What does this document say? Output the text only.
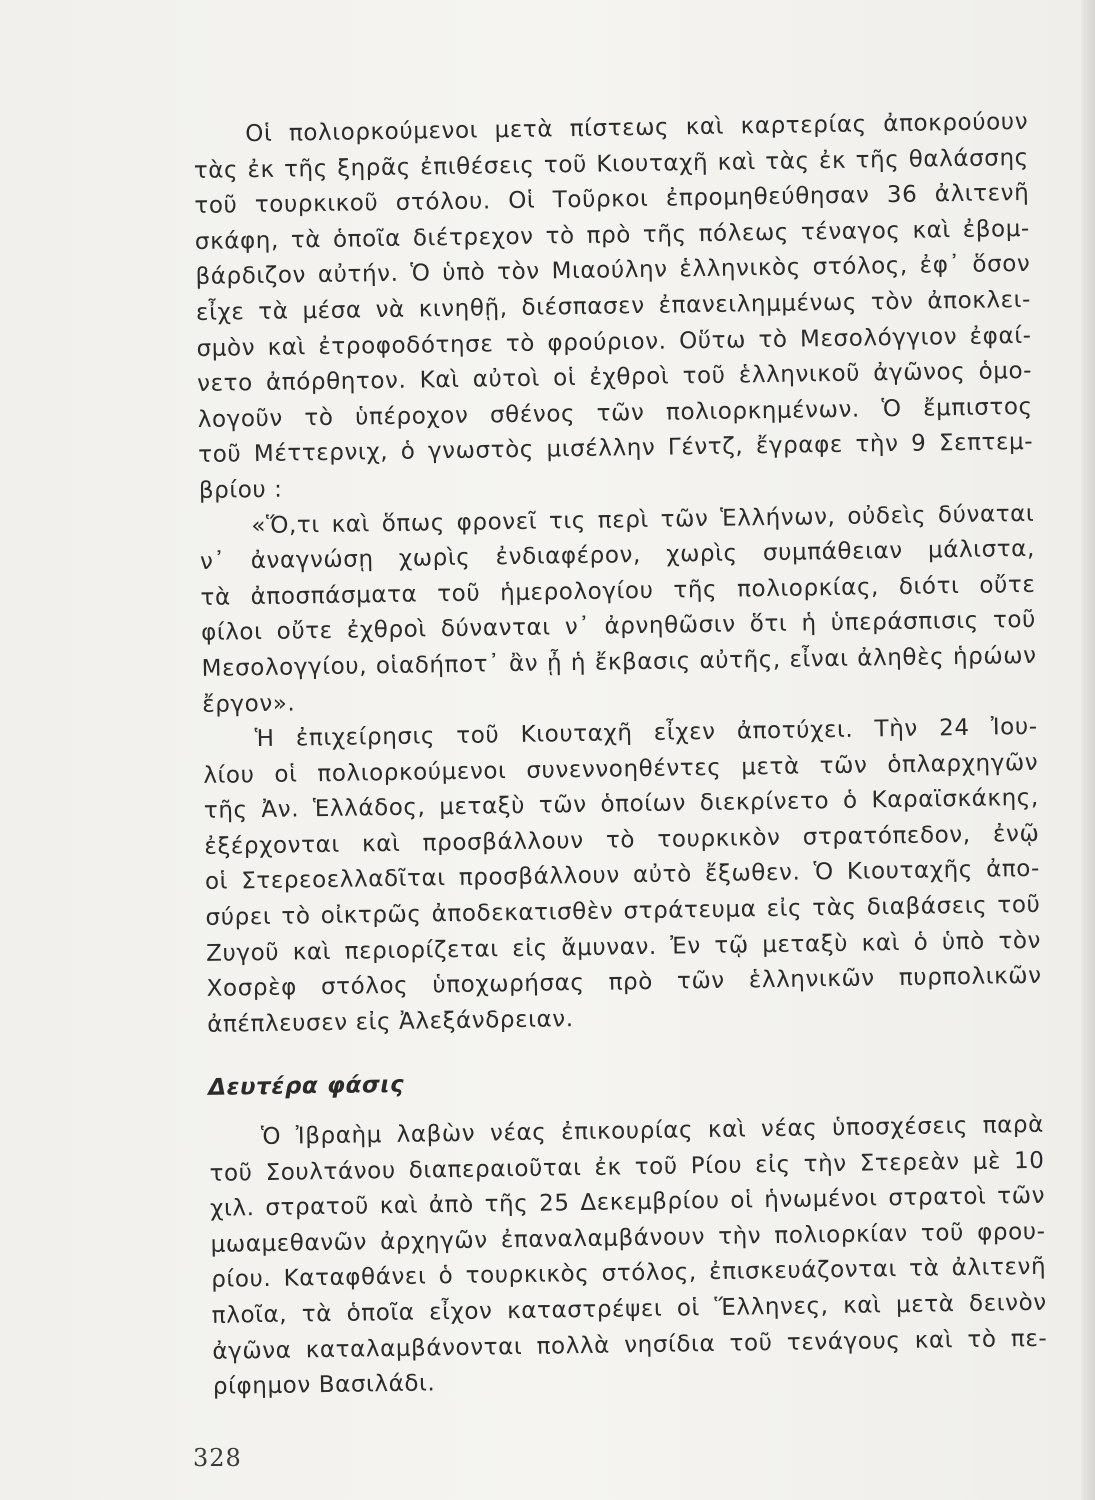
Οἱ πολιορκούμενοι μετὰ πίστεως καὶ καρτερίας ἀποκρούουν
τὰς ἐκ τῆς ξηρᾶς ἐπιθέσεις τοῦ Κιουταχῆ καὶ τὰς ἐκ τῆς θαλάσσης
τοῦ τουρκικοῦ στόλου. Οἱ Τοῦρκοι ἐπρομηθεύθησαν 36 ἀλιτενῆ
σκάφη, τὰ ὁποῖα διέτρεχον τὸ πρὸ τῆς πόλεως τέναγος καὶ ἐβομ-
βάρδιζον αὐτήν. Ὁ ὑπὸ τὸν Μιαούλην ἑλληνικὸς στόλος, ἐφ᾽ ὅσον
εἶχε τὰ μέσα νὰ κινηθῇ, διέσπασεν ἐπανειλημμένως τὸν ἀποκλει-
σμὸν καὶ ἐτροφοδότησε τὸ φρούριον. Οὕτω τὸ Μεσολόγγιον ἐφαί-
νετο ἀπόρθητον. Καὶ αὐτοὶ οἱ ἐχθροὶ τοῦ ἑλληνικοῦ ἀγῶνος ὁμο-
λογοῦν τὸ ὑπέροχον σθένος τῶν πολιορκημένων. Ὁ ἔμπιστος
τοῦ Μέττερνιχ, ὁ γνωστὸς μισέλλην Γέντζ, ἔγραφε τὴν 9 Σεπτεμ-
βρίου :
«Ὅ,τι καὶ ὅπως φρονεῖ τις περὶ τῶν Ἑλλήνων, οὐδεὶς δύναται
ν᾽ ἀναγνώσῃ χωρὶς ἐνδιαφέρον, χωρὶς συμπάθειαν μάλιστα,
τὰ ἀποσπάσματα τοῦ ἡμερολογίου τῆς πολιορκίας, διότι οὔτε
φίλοι οὔτε ἐχθροὶ δύνανται ν᾽ ἀρνηθῶσιν ὅτι ἡ ὑπεράσπισις τοῦ
Μεσολογγίου, οἱαδήποτ᾽ ἂν ᾖ ἡ ἔκβασις αὐτῆς, εἶναι ἀληθὲς ἡρώων
ἔργον».
Ἡ ἐπιχείρησις τοῦ Κιουταχῆ εἶχεν ἀποτύχει. Τὴν 24 Ἰου-
λίου οἱ πολιορκούμενοι συνεννοηθέντες μετὰ τῶν ὁπλαρχηγῶν
τῆς Ἀν. Ἑλλάδος, μεταξὺ τῶν ὁποίων διεκρίνετο ὁ Καραϊσκάκης,
ἐξέρχονται καὶ προσβάλλουν τὸ τουρκικὸν στρατόπεδον, ἐνῷ
οἱ Στερεοελλαδῖται προσβάλλουν αὐτὸ ἔξωθεν. Ὁ Κιουταχῆς ἀπο-
σύρει τὸ οἰκτρῶς ἀποδεκατισθὲν στράτευμα εἰς τὰς διαβάσεις τοῦ
Ζυγοῦ καὶ περιορίζεται εἰς ἄμυναν. Ἐν τῷ μεταξὺ καὶ ὁ ὑπὸ τὸν
Χοσρὲφ στόλος ὑποχωρήσας πρὸ τῶν ἑλληνικῶν πυρπολικῶν
ἀπέπλευσεν εἰς Ἀλεξάνδρειαν.
Δευτέρα φάσις
Ὁ Ἰβραὴμ λαβὼν νέας ἐπικουρίας καὶ νέας ὑποσχέσεις παρὰ
τοῦ Σουλτάνου διαπεραιοῦται ἐκ τοῦ Ρίου εἰς τὴν Στερεὰν μὲ 10
χιλ. στρατοῦ καὶ ἀπὸ τῆς 25 Δεκεμβρίου οἱ ἡνωμένοι στρατοὶ τῶν
μωαμεθανῶν ἀρχηγῶν ἐπαναλαμβάνουν τὴν πολιορκίαν τοῦ φρου-
ρίου. Καταφθάνει ὁ τουρκικὸς στόλος, ἐπισκευάζονται τὰ ἀλιτενῆ
πλοῖα, τὰ ὁποῖα εἶχον καταστρέψει οἱ Ἕλληνες, καὶ μετὰ δεινὸν
ἀγῶνα καταλαμβάνονται πολλὰ νησίδια τοῦ τενάγους καὶ τὸ πε-
ρίφημον Βασιλάδι.
328
